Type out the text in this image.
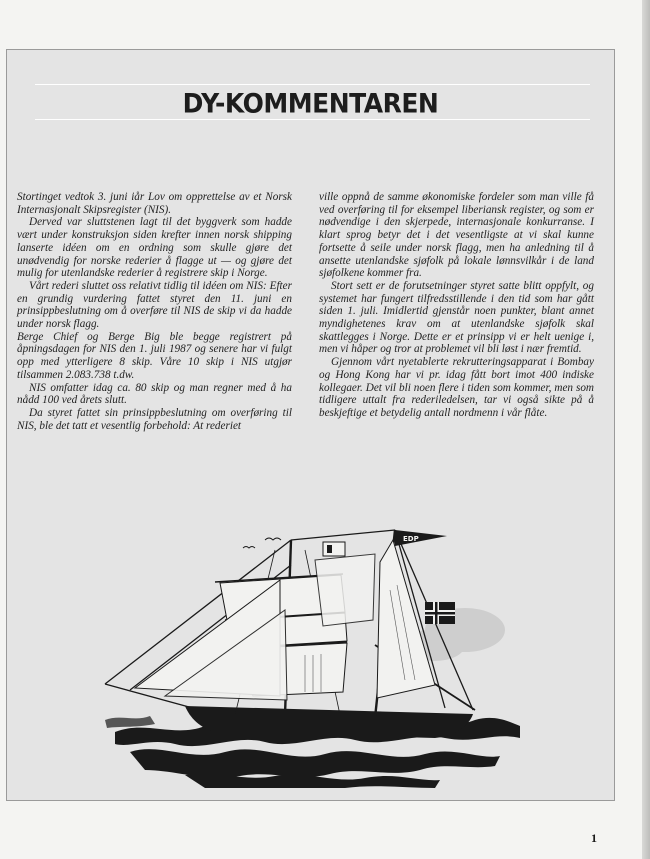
DY-KOMMENTAREN

Stortinget vedtok 3. juni iår Lov om opprettelse av et Norsk Internasjonalt Skipsregister (NIS).

Derved var sluttstenen lagt til det byggverk som hadde vært under konstruksjon siden krefter innen norsk shipping lanserte idéen om en ordning som skulle gjøre det unødvendig for norske rederier å flagge ut — og gjøre det mulig for utenlandske rederier å registrere skip i Norge.

Vårt rederi sluttet oss relativt tidlig til idéen om NIS: Efter en grundig vurdering fattet styret den 11. juni en prinsippbeslutning om å overføre til NIS de skip vi da hadde under norsk flagg.

Berge Chief og Berge Big ble begge registrert på åpningsdagen for NIS den 1. juli 1987 og senere har vi fulgt opp med ytterligere 8 skip. Våre 10 skip i NIS utgjør tilsammen 2.083.738 t.dw.

NIS omfatter idag ca. 80 skip og man regner med å ha nådd 100 ved årets slutt.

Da styret fattet sin prinsippbeslutning om overføring til NIS, ble det tatt et vesentlig forbehold: At rederiet

ville oppnå de samme økonomiske fordeler som man ville få ved overføring til for eksempel liberiansk register, og som er nødvendige i den skjerpede, internasjonale konkurranse. I klart sprog betyr det i det vesentligste at vi skal kunne fortsette å seile under norsk flagg, men ha anledning til å ansette utenlandske sjøfolk på lokale lønnsvilkår i de land sjøfolkene kommer fra.

Stort sett er de forutsetninger styret satte blitt oppfylt, og systemet har fungert tilfredsstillende i den tid som har gått siden 1. juli. Imidlertid gjenstår noen punkter, blant annet myndighetenes krav om at utenlandske sjøfolk skal skattlegges i Norge. Dette er et prinsipp vi er helt uenige i, men vi håper og tror at problemet vil bli løst i nær fremtid.

Gjennom vårt nyetablerte rekrutteringsapparat i Bombay og Hong Kong har vi pr. idag fått bort imot 400 indiske kollegaer. Det vil bli noen flere i tiden som kommer, men som tidligere uttalt fra rederiledelsen, tar vi også sikte på å beskjeftige et betydelig antall nordmenn i vår flåte.

EDP
1
